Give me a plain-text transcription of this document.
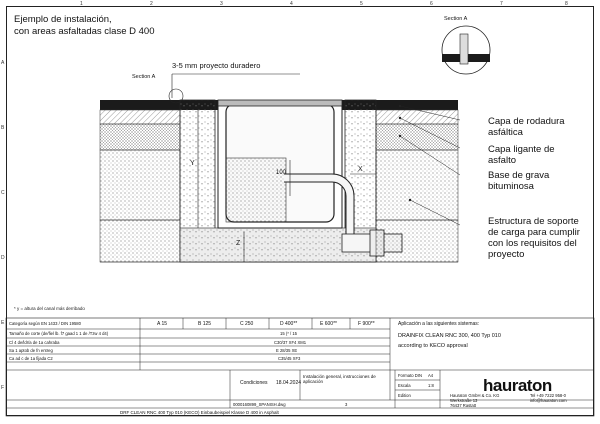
1	2	3	4	5	6	7	8
A
B
C
D
E
F
Ejemplo de instalación,
con areas asfaltadas clase D 400
3-5 mm proyecto duradero
Section A
Section A
100	X
Y
Z
* y = altura del canal más derribado
Capa de rodadura
asfáltica
Capa ligante de
asfalto
Base de grava
bituminosa
Estructura de soporte
de carga para cumplir
con los requisitos del
proyecto
Categoría según EN 1433 / DIN 19580	A 15	B 125	C 250	D 400**	E 600**	F 900**
Tamaño de corte (de/fiel lb. f7 gaad 1 1 de /Tzw 4 d4)	15 (* / 15
Cl 4 de/ldr/a de 1a cahraba	C30/37 XF4 XM1
Sa 1 aptob de fn entreg	E 28/35 XE
Ca ad c de 1a fijada C2	C35/45 XF3
Aplicación a las siguientes sistemas:
DRAINFIX CLEAN RNC 300, 400 Typ 010
according to KECO approval
Condiciones 18.04.2024
Instalación general, instrucciones de aplicación
0000160899_SPANISH.dwg	3
Formato DIN A4
Escala	1:8
Edition
DRF CLEAN RNC 400 Typ 010 (KECO) Einbaubeispiel Klasse D 400 in Asphalt
hauraton
Hauraton GmbH & Co. KG
Werkstraße 13
76437 Rastatt
Tel +49 7222 958-0
info@hauraton.com
